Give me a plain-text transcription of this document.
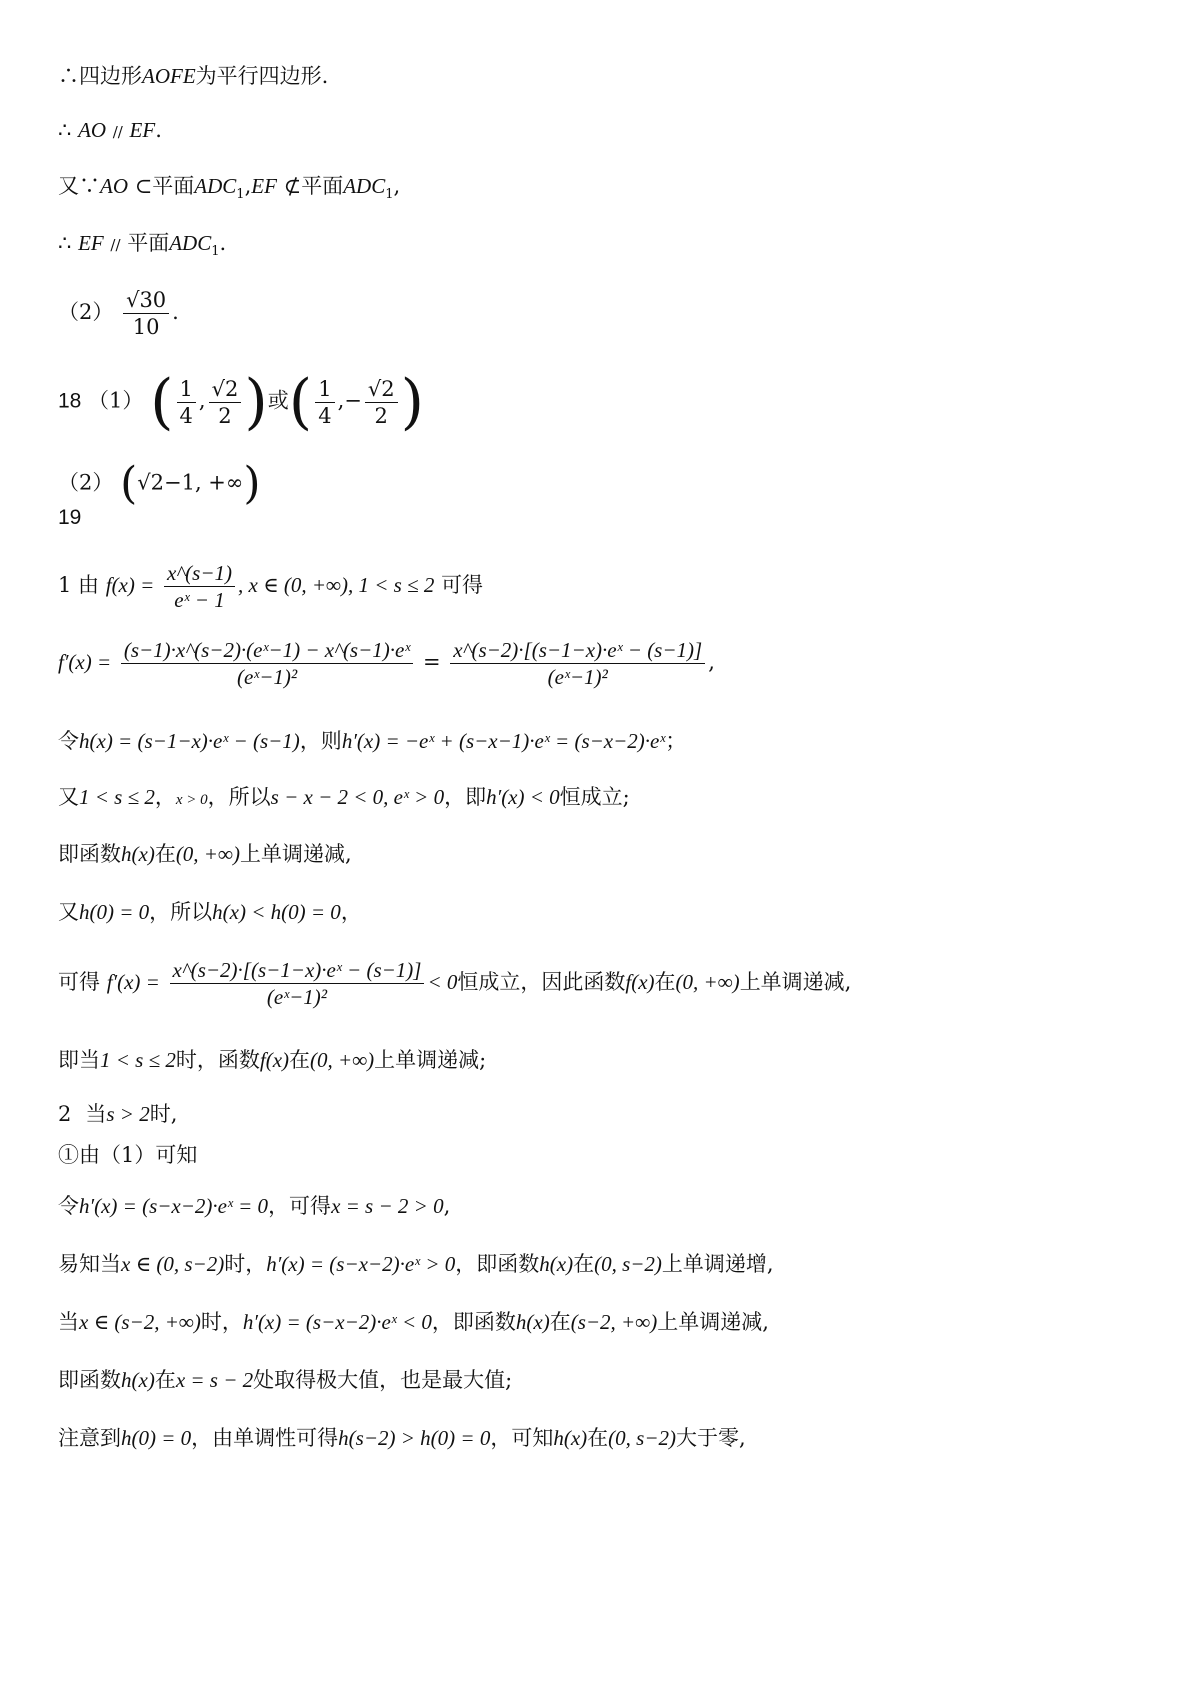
∴四边形AOFE为平行四边形.
∴ AO // EF.
又∵AO ⊂平面$ADC_1,EF$ ⊄平面$ADC_1$,
∴ EF // 平面$ADC_1$.
$(2) \frac{√30}{10}$ .
18 （1） ( $\frac{1}{4}$ , $\frac{√2}{2}$ )或( $\frac{1}{4}$ ,− $\frac{√2}{2}$ )
（2） (√2−1, +∞)
19
1 由 $f(x) = \frac{x\^{}(s-1)}{\text{eˣ − 1}}$ , x ∈ (0, +∞), 1 < s ≤ 2 可得
$f'(x) = \frac{\text{(s−1)·x\textasciicircum{}(s−2)·(eˣ−1) − x\textasciicircum{}(s−1)·eˣ}}{\text{(eˣ−1)²}} = \frac{\text{x\textasciicircum{}(s−2)·[(s−1−x)·eˣ − (s−1)]}}{\text{(eˣ−1)²}}$ ,
令h(x) = (s−1−x)·eˣ − (s−1)，则h′(x) = −eˣ + (s−x−1)·eˣ = (s−x−2)·eˣ；
又1 < s ≤ 2，x > 0，所以s − x − 2 < 0, eˣ > 0，即h′(x) < 0恒成立;
即函数h(x)在(0, +∞)上单调递减,
又h(0) = 0，所以h(x) < h(0) = 0，
可得 $f'(x) = \frac{\text{x\textasciicircum{}(s−2)·[(s−1−x)·eˣ − (s−1)]}}{\text{(eˣ−1)²}} < 0$恒成立，因此函数f(x)在(0, +∞)上单调递减,
即当1 < s ≤ 2时，函数f(x)在(0, +∞)上单调递减;
2 当s > 2时,
①由（1）可知
令h′(x) = (s−x−2)·eˣ = 0，可得x = s − 2 > 0,
易知当x ∈ (0, s−2)时，h′(x) = (s−x−2)·eˣ > 0，即函数h(x)在(0, s−2)上单调递增,
当x ∈ (s−2, +∞)时，h′(x) = (s−x−2)·eˣ < 0，即函数h(x)在(s−2, +∞)上单调递减,
即函数h(x)在x = s − 2处取得极大值，也是最大值;
注意到h(0) = 0，由单调性可得h(s−2) > h(0) = 0，可知h(x)在(0, s−2)大于零,
